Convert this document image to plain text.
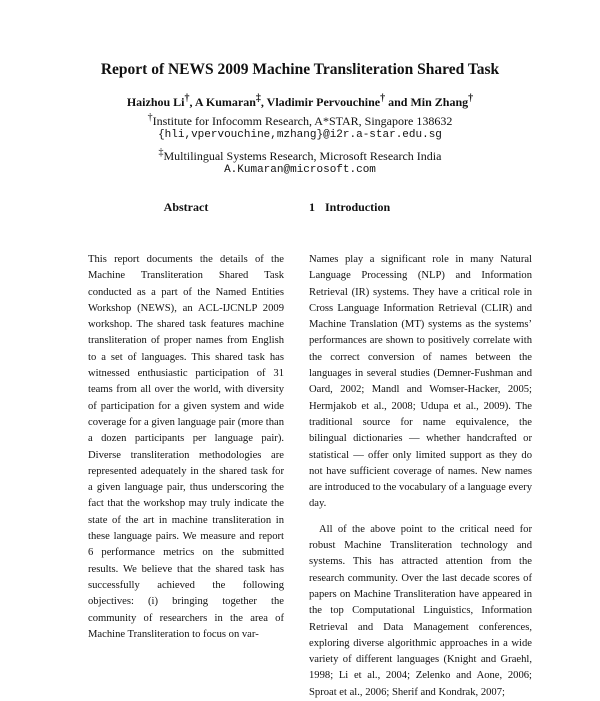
Report of NEWS 2009 Machine Transliteration Shared Task
Haizhou Li†, A Kumaran‡, Vladimir Pervouchine† and Min Zhang†
†Institute for Infocomm Research, A*STAR, Singapore 138632
{hli,vpervouchine,mzhang}@i2r.a-star.edu.sg
‡Multilingual Systems Research, Microsoft Research India
A.Kumaran@microsoft.com
Abstract	1 Introduction

This report documents the details of the Machine Transliteration Shared Task conducted as a part of the Named Entities Workshop (NEWS), an ACL-IJCNLP 2009 workshop. The shared task features machine transliteration of proper names from English to a set of languages. This shared task has witnessed enthusiastic participation of 31 teams from all over the world, with diversity of participation for a given system and wide coverage for a given language pair (more than a dozen participants per language pair). Diverse transliteration methodologies are represented adequately in the shared task for a given language pair, thus underscoring the fact that the workshop may truly indicate the state of the art in machine transliteration in these language pairs. We measure and report 6 performance metrics on the submitted results. We believe that the shared task has successfully achieved the following objectives: (i) bringing together the community of researchers in the area of Machine Transliteration to focus on var-

Names play a significant role in many Natural Language Processing (NLP) and Information Retrieval (IR) systems. They have a critical role in Cross Language Information Retrieval (CLIR) and Machine Translation (MT) systems as the systems’ performances are shown to positively correlate with the correct conversion of names between the languages in several studies (Demner-Fushman and Oard, 2002; Mandl and Womser-Hacker, 2005; Hermjakob et al., 2008; Udupa et al., 2009). The traditional source for name equivalence, the bilingual dictionaries — whether handcrafted or statistical — offer only limited support as they do not have sufficient coverage of names. New names are introduced to the vocabulary of a language every day.

All of the above point to the critical need for robust Machine Transliteration technology and systems. This has attracted attention from the research community. Over the last decade scores of papers on Machine Transliteration have appeared in the top Computational Linguistics, Information Retrieval and Data Management conferences, exploring diverse algorithmic approaches in a wide variety of different languages (Knight and Graehl, 1998; Li et al., 2004; Zelenko and Aone, 2006; Sproat et al., 2006; Sherif and Kondrak, 2007;
